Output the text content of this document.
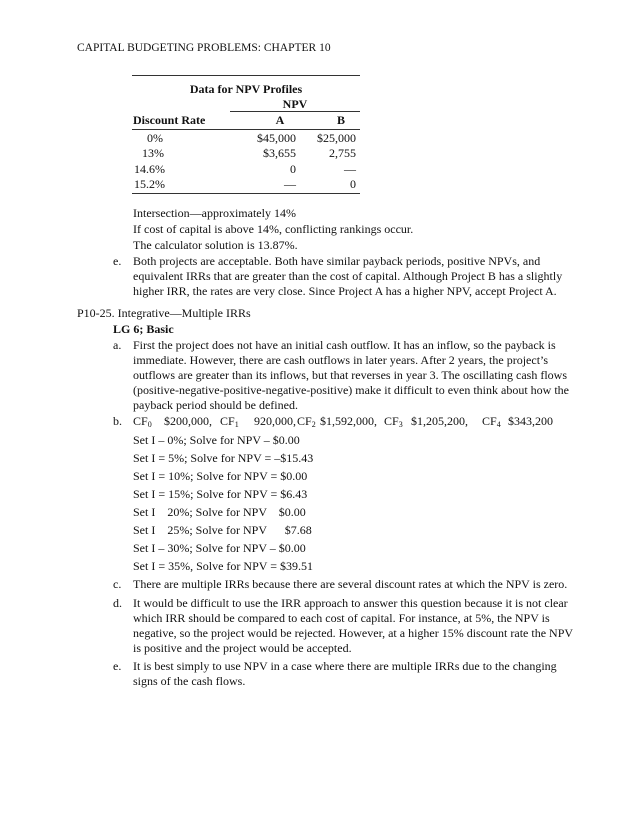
CAPITAL BUDGETING PROBLEMS: CHAPTER 10
Data for NPV Profiles
NPV
Discount Rate	A	B
0%	$45,000	$25,000
13%	$3,655	2,755
14.6%	0	—
15.2%	—	0
Intersection—approximately 14%
If cost of capital is above 14%, conflicting rankings occur.
The calculator solution is 13.87%.
e. Both projects are acceptable. Both have similar payback periods, positive NPVs, and
equivalent IRRs that are greater than the cost of capital. Although Project B has a slightly
higher IRR, the rates are very close. Since Project A has a higher NPV, accept Project A.
P10-25. Integrative—Multiple IRRs
LG 6; Basic
a. First the project does not have an initial cash outflow. It has an inflow, so the payback is
immediate. However, there are cash outflows in later years. After 2 years, the project’s
outflows are greater than its inflows, but that reverses in year 3. The oscillating cash flows
(positive-negative-positive-negative-positive) make it difficult to even think about how the
payback period should be defined.
b. $CF_0$ $200,000, $CF_1$ 920,000, $CF_2$ $1,592,000, $CF_3$ $1,205,200, $CF_4$ $343,200
Set I – 0%; Solve for NPV – $0.00
Set I = 5%; Solve for NPV = –$15.43
Set I = 10%; Solve for NPV = $0.00
Set I = 15%; Solve for NPV = $6.43
Set I    20%; Solve for NPV    $0.00
Set I    25%; Solve for NPV      $7.68
Set I – 30%; Solve for NPV – $0.00
Set I = 35%, Solve for NPV = $39.51
c. There are multiple IRRs because there are several discount rates at which the NPV is zero.
d. It would be difficult to use the IRR approach to answer this question because it is not clear
which IRR should be compared to each cost of capital. For instance, at 5%, the NPV is
negative, so the project would be rejected. However, at a higher 15% discount rate the NPV
is positive and the project would be accepted.
e. It is best simply to use NPV in a case where there are multiple IRRs due to the changing
signs of the cash flows.
